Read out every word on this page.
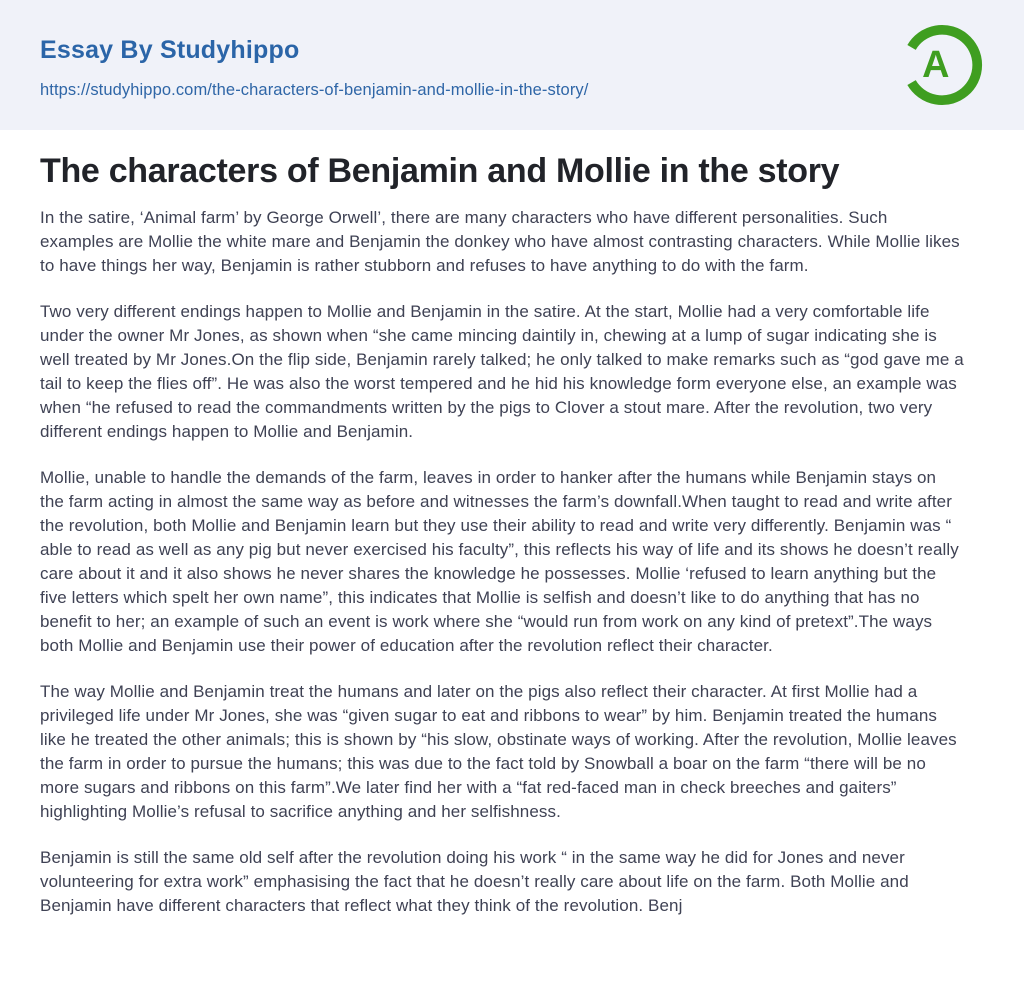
Essay By Studyhippo
https://studyhippo.com/the-characters-of-benjamin-and-mollie-in-the-story/
A
The characters of Benjamin and Mollie in the story

In the satire, ‘Animal farm’ by George Orwell’, there are many characters who have different personalities. Such examples are Mollie the white mare and Benjamin the donkey who have almost contrasting characters. While Mollie likes to have things her way, Benjamin is rather stubborn and refuses to have anything to do with the farm.

Two very different endings happen to Mollie and Benjamin in the satire. At the start, Mollie had a very comfortable life under the owner Mr Jones, as shown when “she came mincing daintily in, chewing at a lump of sugar indicating she is well treated by Mr Jones.On the flip side, Benjamin rarely talked; he only talked to make remarks such as “god gave me a tail to keep the flies off”. He was also the worst tempered and he hid his knowledge form everyone else, an example was when “he refused to read the commandments written by the pigs to Clover a stout mare. After the revolution, two very different endings happen to Mollie and Benjamin.

Mollie, unable to handle the demands of the farm, leaves in order to hanker after the humans while Benjamin stays on the farm acting in almost the same way as before and witnesses the farm’s downfall.When taught to read and write after the revolution, both Mollie and Benjamin learn but they use their ability to read and write very differently. Benjamin was “ able to read as well as any pig but never exercised his faculty”, this reflects his way of life and its shows he doesn’t really care about it and it also shows he never shares the knowledge he possesses. Mollie ‘refused to learn anything but the five letters which spelt her own name”, this indicates that Mollie is selfish and doesn’t like to do anything that has no benefit to her; an example of such an event is work where she “would run from work on any kind of pretext”.The ways both Mollie and Benjamin use their power of education after the revolution reflect their character.

The way Mollie and Benjamin treat the humans and later on the pigs also reflect their character. At first Mollie had a privileged life under Mr Jones, she was “given sugar to eat and ribbons to wear” by him. Benjamin treated the humans like he treated the other animals; this is shown by “his slow, obstinate ways of working. After the revolution, Mollie leaves the farm in order to pursue the humans; this was due to the fact told by Snowball a boar on the farm “there will be no more sugars and ribbons on this farm”.We later find her with a “fat red-faced man in check breeches and gaiters” highlighting Mollie’s refusal to sacrifice anything and her selfishness.

Benjamin is still the same old self after the revolution doing his work “ in the same way he did for Jones and never volunteering for extra work” emphasising the fact that he doesn’t really care about life on the farm. Both Mollie and Benjamin have different characters that reflect what they think of the revolution. Benj
